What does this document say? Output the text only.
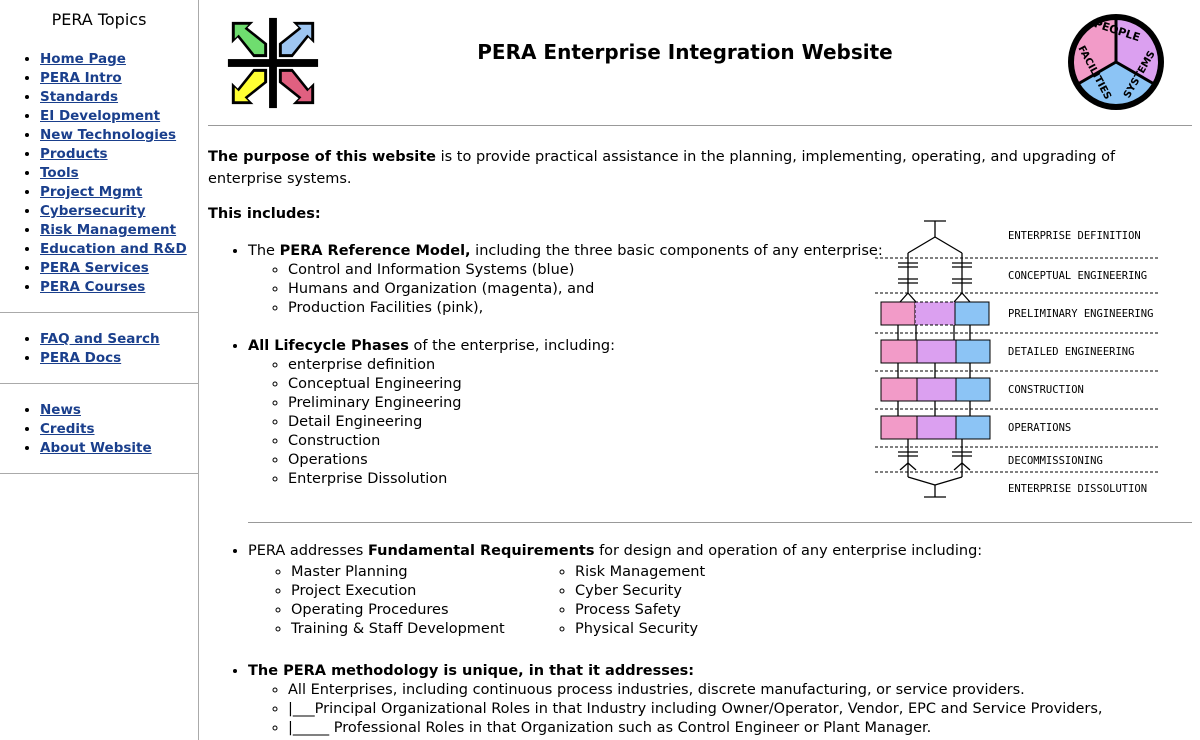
PERA Topics
• Home Page
• PERA Intro
• Standards
• EI Development
• New Technologies
• Products
• Tools
• Project Mgmt
• Cybersecurity
• Risk Management
• Education and R&D
• PERA Services
• PERA Courses
• FAQ and Search
• PERA Docs
• News
• Credits
• About Website
PERA Enterprise Integration Website
PEOPLE
FACILITIES SYSTEMS

The purpose of this website is to provide practical assistance in the planning, implementing, operating, and upgrading of enterprise systems.

This includes:

• The PERA Reference Model, including the three basic components of any enterprise:
◦ Control and Information Systems (blue)
◦ Humans and Organization (magenta), and
◦ Production Facilities (pink),
• All Lifecycle Phases of the enterprise, including:
◦ enterprise definition
◦ Conceptual Engineering
◦ Preliminary Engineering
◦ Detail Engineering
◦ Construction
◦ Operations
◦ Enterprise Dissolution
ENTERPRISE DEFINITION
CONCEPTUAL ENGINEERING
PRELIMINARY ENGINEERING
DETAILED ENGINEERING
CONSTRUCTION
OPERATIONS
DECOMMISSIONING
ENTERPRISE DISSOLUTION
• PERA addresses Fundamental Requirements for design and operation of any enterprise including:
◦ Master Planning
◦ Project Execution
◦ Operating Procedures
◦ Training & Staff Development
◦ Risk Management
◦ Cyber Security
◦ Process Safety
◦ Physical Security
• The PERA methodology is unique, in that it addresses:
◦ All Enterprises, including continuous process industries, discrete manufacturing, or service providers.
◦ |___Principal Organizational Roles in that Industry including Owner/Operator, Vendor, EPC and Service Providers,
◦ |_____ Professional Roles in that Organization such as Control Engineer or Plant Manager.
